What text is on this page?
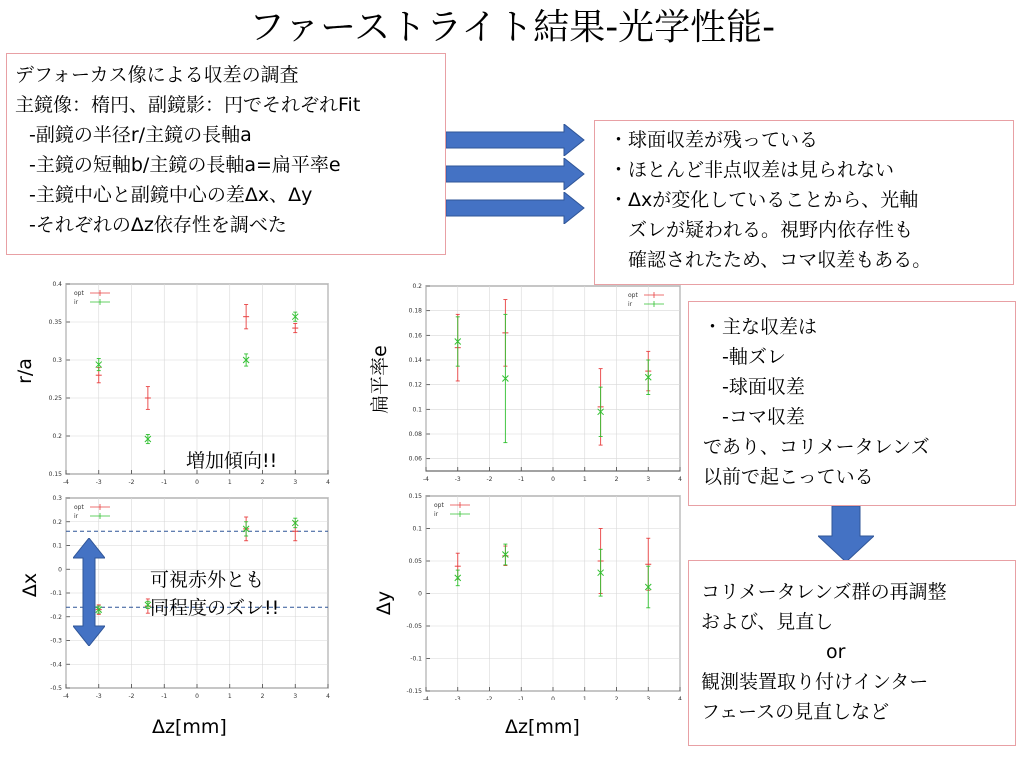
ファーストライト結果-光学性能-
デフォーカス像による収差の調査
主鏡像：楕円、副鏡影：円でそれぞれFit
-副鏡の半径r/主鏡の長軸a
-主鏡の短軸b/主鏡の長軸a=扁平率e
-主鏡中心と副鏡中心の差Δx、Δy
-それぞれのΔz依存性を調べた
・球面収差が残っている
・ほとんど非点収差は見られない
・Δxが変化していることから、光軸
　ズレが疑われる。視野内依存性も
　確認されたため、コマ収差もある。
・主な収差は
　-軸ズレ
　-球面収差
　-コマ収差
であり、コリメータレンズ
以前で起こっている
コリメータレンズ群の再調整
および、見直し
or
観測装置取り付けインター
フェースの見直しなど
0.15
0.2
0.25
0.3
0.35
0.4
-4	-3	-2	-1	0	1	2	3	4
opt
ir
-0.5
-0.4
-0.3
-0.2
-0.1
0
0.1
0.2
0.3
-4	-3	-2	-1	0	1	2	3	4
opt
ir
0.06
0.08
0.1
0.12
0.14
0.16
0.18
0.2
-4	-3	-2	-1	0	1	2	3	4
opt
ir
-0.15
-0.1
-0.05
0
0.05
0.1
0.15
-4	-3	-2	-1	0	1	2	3	4
opt
ir
r/a
Δx
扁平率e
Δy
Δz[mm]	Δz[mm]
増加傾向!!
可視赤外とも
同程度のズレ!!
